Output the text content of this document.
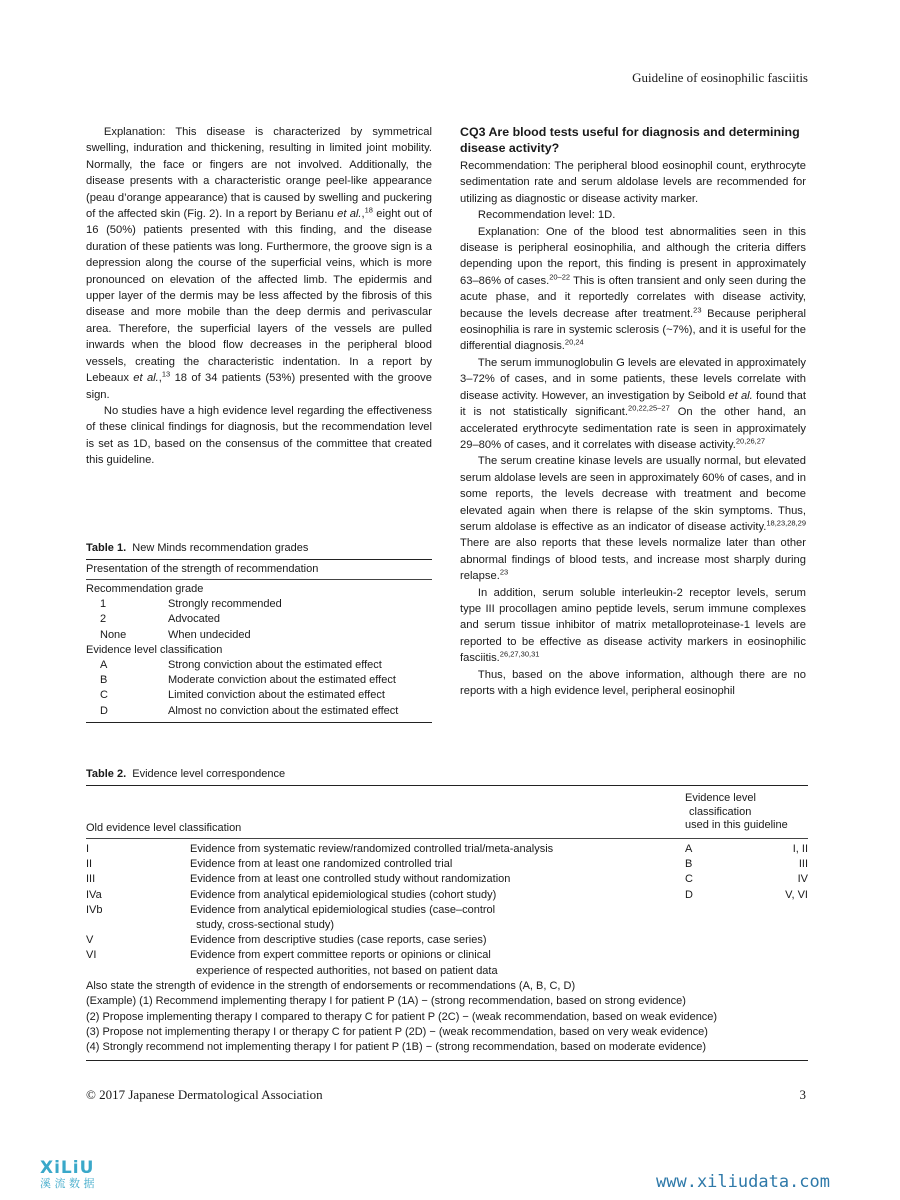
Guideline of eosinophilic fasciitis

Explanation: This disease is characterized by symmetrical swelling, induration and thickening, resulting in limited joint mobility. Normally, the face or fingers are not involved. Additionally, the disease presents with a characteristic orange peel-like appearance (peau d’orange appearance) that is caused by swelling and puckering of the affected skin (Fig. 2). In a report by Berianu et al.,$^{18}$ eight out of 16 (50%) patients presented with this finding, and the disease duration of these patients was long. Furthermore, the groove sign is a depression along the course of the superficial veins, which is more pronounced on elevation of the affected limb. The epidermis and upper layer of the dermis may be less affected by the fibrosis of this disease and more mobile than the deep dermis and perivascular area. Therefore, the superficial layers of the vessels are pulled inwards when the blood flow decreases in the peripheral blood vessels, creating the characteristic indentation. In a report by Lebeaux et al.,$^{13}$ 18 of 34 patients (53%) presented with the groove sign.

No studies have a high evidence level regarding the effectiveness of these clinical findings for diagnosis, but the recommendation level is set as 1D, based on the consensus of the committee that created this guideline.

CQ3 Are blood tests useful for diagnosis and determining disease activity?

Recommendation: The peripheral blood eosinophil count, erythrocyte sedimentation rate and serum aldolase levels are recommended for utilizing as diagnostic or disease activity marker.

Recommendation level: 1D.

Explanation: One of the blood test abnormalities seen in this disease is peripheral eosinophilia, and although the criteria differs depending upon the report, this finding is present in approximately 63–86% of cases.$^{20-22}$ This is often transient and only seen during the acute phase, and it reportedly correlates with disease activity, because the levels decrease after treatment.$^{23}$ Because peripheral eosinophilia is rare in systemic sclerosis (~7%), and it is useful for the differential diagnosis.$^{20,24}$

The serum immunoglobulin G levels are elevated in approximately 3–72% of cases, and in some patients, these levels correlate with disease activity. However, an investigation by Seibold et al. found that it is not statistically significant.$^{20,22,25-27}$ On the other hand, an accelerated erythrocyte sedimentation rate is seen in approximately 29–80% of cases, and it correlates with disease activity.$^{20,26,27}$

The serum creatine kinase levels are usually normal, but elevated serum aldolase levels are seen in approximately 60% of cases, and in some reports, the levels decrease with treatment and become elevated again when there is relapse of the skin symptoms. Thus, serum aldolase is effective as an indicator of disease activity.$^{18,23,28,29}$ There are also reports that these levels normalize later than other abnormal findings of blood tests, and increase most sharply during relapse.$^{23}$

In addition, serum soluble interleukin-2 receptor levels, serum type III procollagen amino peptide levels, serum immune complexes and serum tissue inhibitor of matrix metalloproteinase-1 levels are reported to be effective as disease activity markers in eosinophilic fasciitis.$^{26,27,30,31}$

Thus, based on the above information, although there are no reports with a high evidence level, peripheral eosinophil

Table 1. New Minds recommendation grades
Presentation of the strength of recommendation
Recommendation grade
1	Strongly recommended
2	Advocated
None	When undecided
Evidence level classification
A	Strong conviction about the estimated effect
B	Moderate conviction about the estimated effect
C	Limited conviction about the estimated effect
D	Almost no conviction about the estimated effect
Table 2. Evidence level correspondence
Old evidence level classification
Evidence level
classification
used in this guideline
I	Evidence from systematic review/randomized controlled trial/meta-analysis	A	I, II
II	Evidence from at least one randomized controlled trial	B	III
III	Evidence from at least one controlled study without randomization	C	IV
IVa	Evidence from analytical epidemiological studies (cohort study)	D	V, VI
IVb	Evidence from analytical epidemiological studies (case–control
study, cross-sectional study)
V	Evidence from descriptive studies (case reports, case series)
VI	Evidence from expert committee reports or opinions or clinical
experience of respected authorities, not based on patient data
Also state the strength of evidence in the strength of endorsements or recommendations (A, B, C, D)
(Example) (1) Recommend implementing therapy I for patient P (1A) − (strong recommendation, based on strong evidence)
(2) Propose implementing therapy I compared to therapy C for patient P (2C) − (weak recommendation, based on weak evidence)
(3) Propose not implementing therapy I or therapy C for patient P (2D) − (weak recommendation, based on very weak evidence)
(4) Strongly recommend not implementing therapy I for patient P (1B) − (strong recommendation, based on moderate evidence)
© 2017 Japanese Dermatological Association	3
XiLiU
溪 流 数 据	www.xiliudata.com
